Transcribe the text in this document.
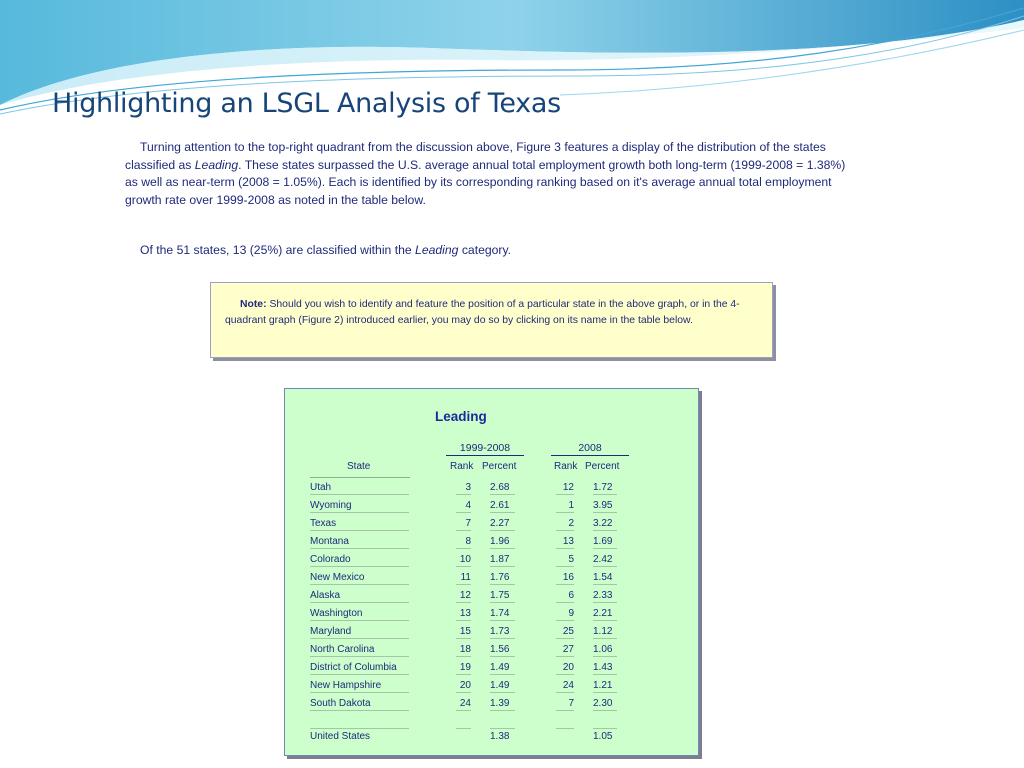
Highlighting an LSGL Analysis of Texas

Turning attention to the top-right quadrant from the discussion above, Figure 3 features a display of the distribution of the states classified as Leading. These states surpassed the U.S. average annual total employment growth both long-term (1999-2008 = 1.38%) as well as near-term (2008 = 1.05%). Each is identified by its corresponding ranking based on it's average annual total employment growth rate over 1999-2008 as noted in the table below.

Of the 51 states, 13 (25%) are classified within the Leading category.

Note: Should you wish to identify and feature the position of a particular state in the above graph, or in the 4-quadrant graph (Figure 2) introduced earlier, you may do so by clicking on its name in the table below.

Leading
1999-2008	2008
State	Rank Percent	Rank Percent
Utah	3 2.68	12 1.72
Wyoming	4 2.61	1 3.95
Texas	7 2.27	2 3.22
Montana	8 1.96	13 1.69
Colorado	10 1.87	5 2.42
New Mexico	11 1.76	16 1.54
Alaska	12 1.75	6 2.33
Washington	13 1.74	9 2.21
Maryland	15 1.73	25 1.12
North Carolina	18 1.56	27 1.06
District of Columbia	19 1.49	20 1.43
New Hampshire	20 1.49	24 1.21
South Dakota	24 1.39	7 2.30
United States	1.38	1.05
